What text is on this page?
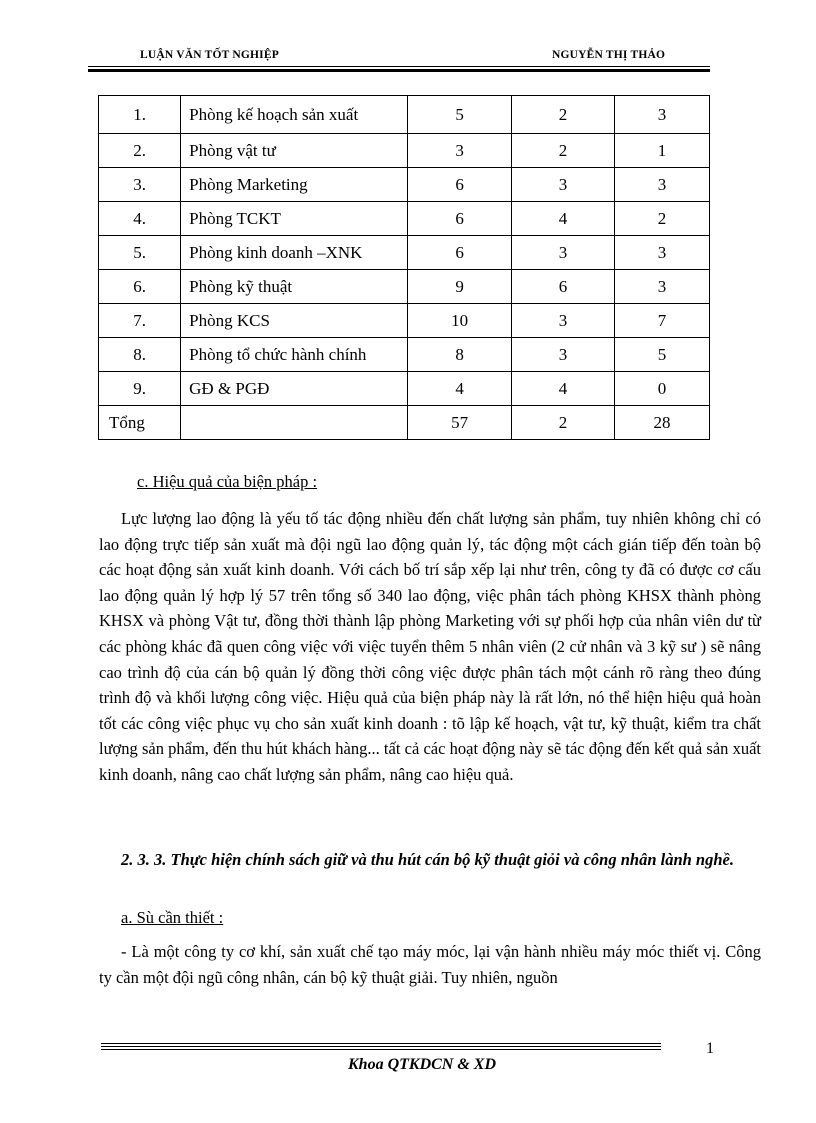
LUẬN VĂN TỐT NGHIỆP	NGUYỄN THỊ THẢO
1.	Phòng kế hoạch sản xuất	5	2	3
2.	Phòng vật tư	3	2	1
3.	Phòng Marketing	6	3	3
4.	Phòng TCKT	6	4	2
5.	Phòng kinh doanh –XNK	6	3	3
6.	Phòng kỹ thuật	9	6	3
7.	Phòng KCS	10	3	7
8.	Phòng tổ chức hành chính	8	3	5
9.	GĐ & PGĐ	4	4	0
Tổng		57	2	28
c. Hiệu quả của biện pháp :

Lực lượng lao động là yếu tố tác động nhiều đến chất lượng sản phẩm, tuy nhiên không chỉ có lao động trực tiếp sản xuất mà đội ngũ lao động quản lý, tác động một cách gián tiếp đến toàn bộ các hoạt động sản xuất kinh doanh. Với cách bố trí sắp xếp lại như trên, công ty đã có được cơ cấu lao động quản lý hợp lý 57 trên tổng số 340 lao động, việc phân tách phòng KHSX thành phòng KHSX và phòng Vật tư, đồng thời thành lập phòng Marketing với sự phối hợp của nhân viên dư từ các phòng khác đã quen công việc với việc tuyển thêm 5 nhân viên (2 cử nhân và 3 kỹ sư ) sẽ nâng cao trình độ của cán bộ quản lý đồng thời công việc được phân tách một cánh rõ ràng theo đúng trình độ và khối lượng công việc. Hiệu quả của biện pháp này là rất lớn, nó thể hiện hiệu quả hoàn tốt các công việc phục vụ cho sản xuất kinh doanh : tõ lập kế hoạch, vật tư, kỹ thuật, kiểm tra chất lượng sản phẩm, đến thu hút khách hàng... tất cả các hoạt động này sẽ tác động đến kết quả sản xuất kinh doanh, nâng cao chất lượng sản phẩm, nâng cao hiệu quả.

2. 3. 3. Thực hiện chính sách giữ và thu hút cán bộ kỹ thuật giỏi và công nhân lành nghề.

a. Sù cần thiết :

- Là một công ty cơ khí, sản xuất chế tạo máy móc, lại vận hành nhiều máy móc thiết vị. Công ty cần một đội ngũ công nhân, cán bộ kỹ thuật giải. Tuy nhiên, nguồn

1
Khoa QTKDCN & XD
